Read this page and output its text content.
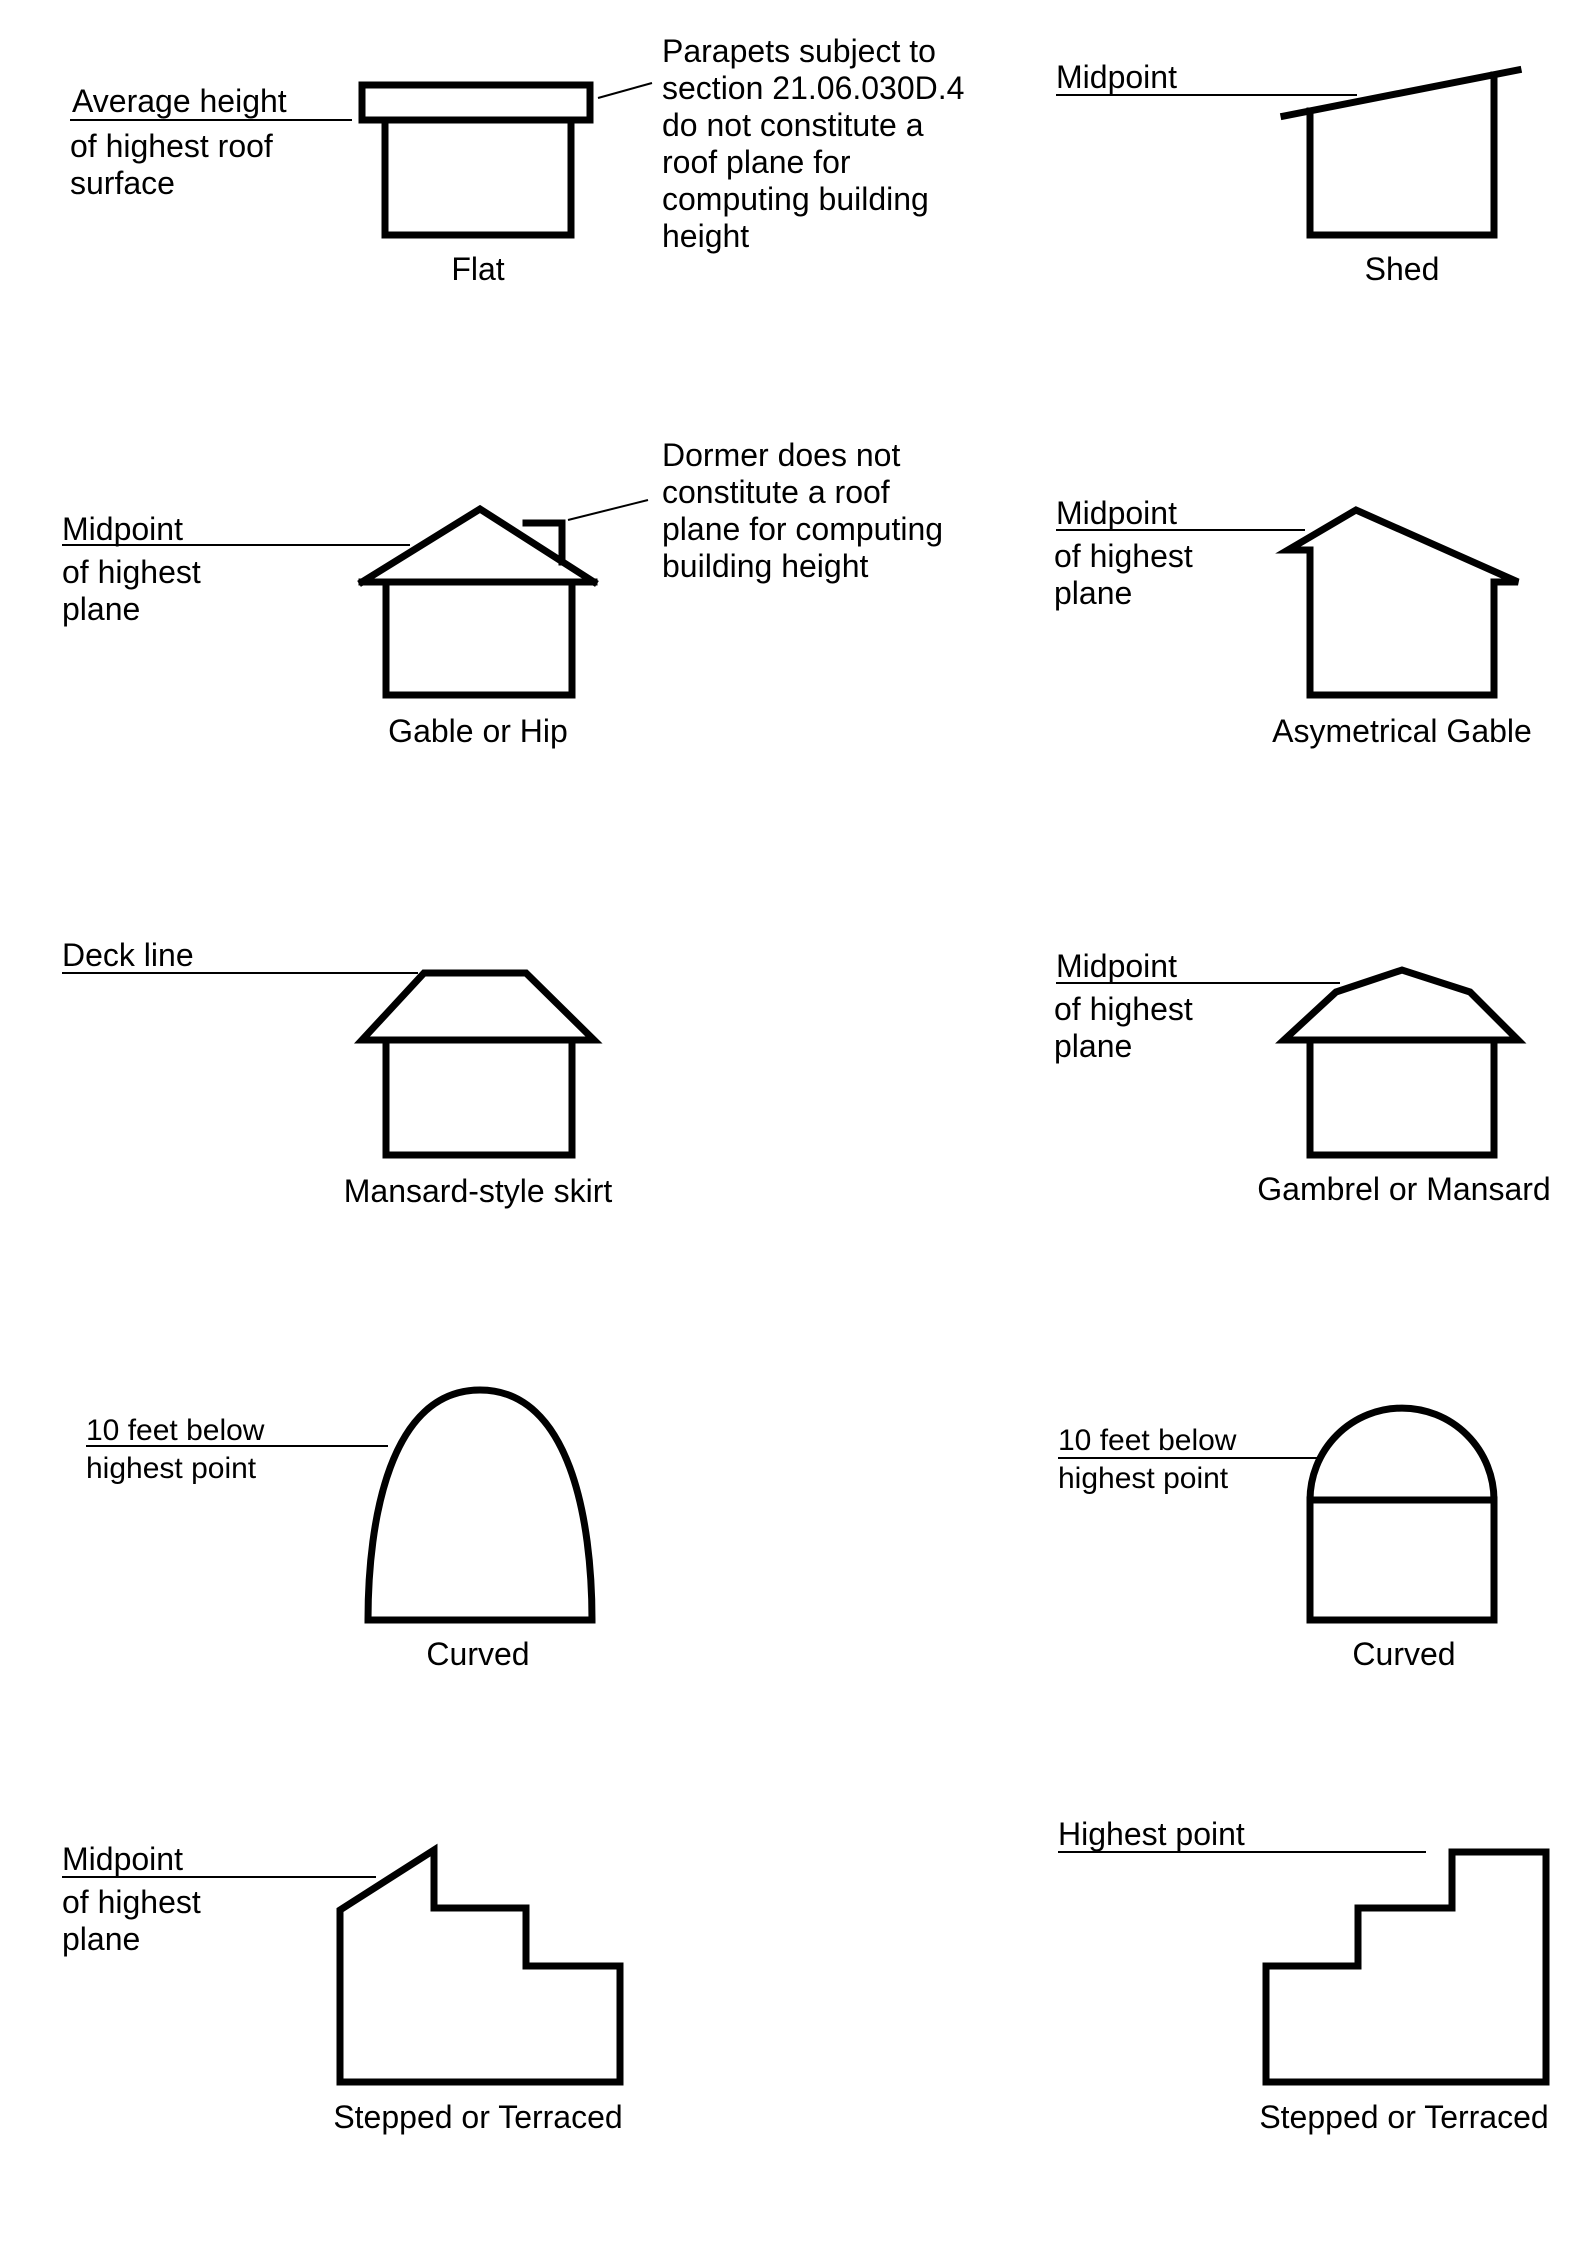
Average height
of highest roof
surface
Parapets subject to
section 21.06.030D.4
do not constitute a
roof plane for
computing building
height
Flat
Midpoint
Shed
Midpoint
of highest
plane
Dormer does not
constitute a roof
plane for computing
building height
Gable or Hip
Midpoint
of highest
plane
Asymetrical Gable
Deck line
Mansard-style skirt
Midpoint
of highest
plane
Gambrel or Mansard
10 feet below
highest point
Curved
10 feet below
highest point
Curved
Midpoint
of highest
plane
Stepped or Terraced
Highest point
Stepped or Terraced
